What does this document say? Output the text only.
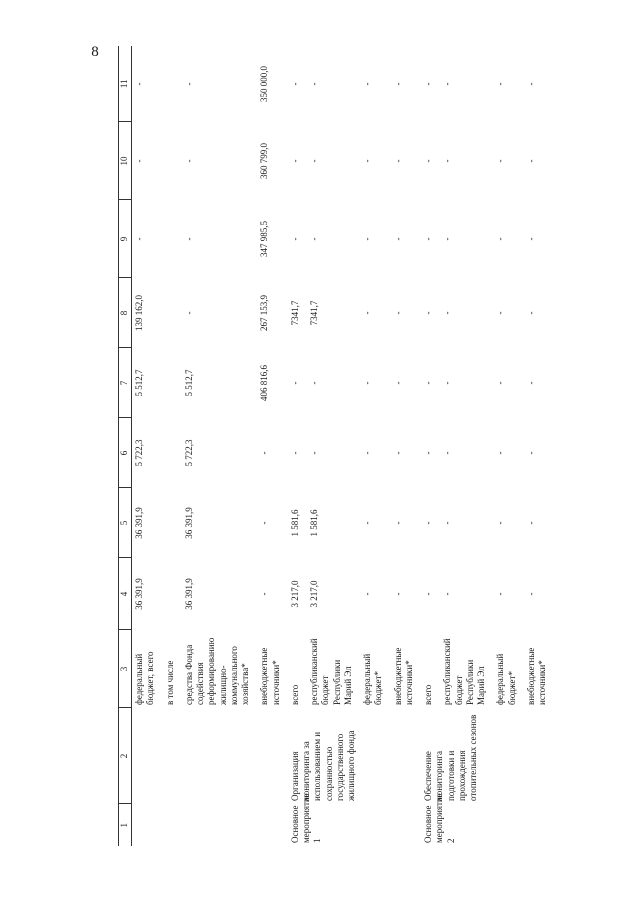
8
1	2	3	4	5	6	7	8	9	10	11
		федеральный бюджет, всего	36 391,9	36 391,9	5 722,3	5 512,7	139 162,0	-	-	-
		в том числе								
		средства Фонда содействия реформированию жилищно-коммунального хозяйства*	36 391,9	36 391,9	5 722,3	5 512,7	-	-	-	-
		внебюджетные источники*	-	-	-	406 816,6	267 153,9	347 985,5	360 799,0	350 000,0
Основное мероприятие 1	Организация мониторинга за использованием и сохранностью государственного жилищного фонда	всего	3 217,0	1 581,6	-	-	7341,7	-	-	-
		республиканский бюджет Республики Марий Эл	3 217,0	1 581,6	-	-	7341,7	-	-	-
		федеральный бюджет*	-	-	-	-	-	-	-	-
		внебюджетные источники*	-	-	-	-	-	-	-	-
Основное мероприятие 2	Обеспечение мониторинга подготовки и прохождения отопительных сезонов	всего	-	-	-	-	-	-	-	-
		республиканский бюджет Республики Марий Эл	-	-	-	-	-	-	-	-
		федеральный бюджет*	-	-	-	-	-	-	-	-
		внебюджетные источники*	-	-	-	-	-	-	-	-
